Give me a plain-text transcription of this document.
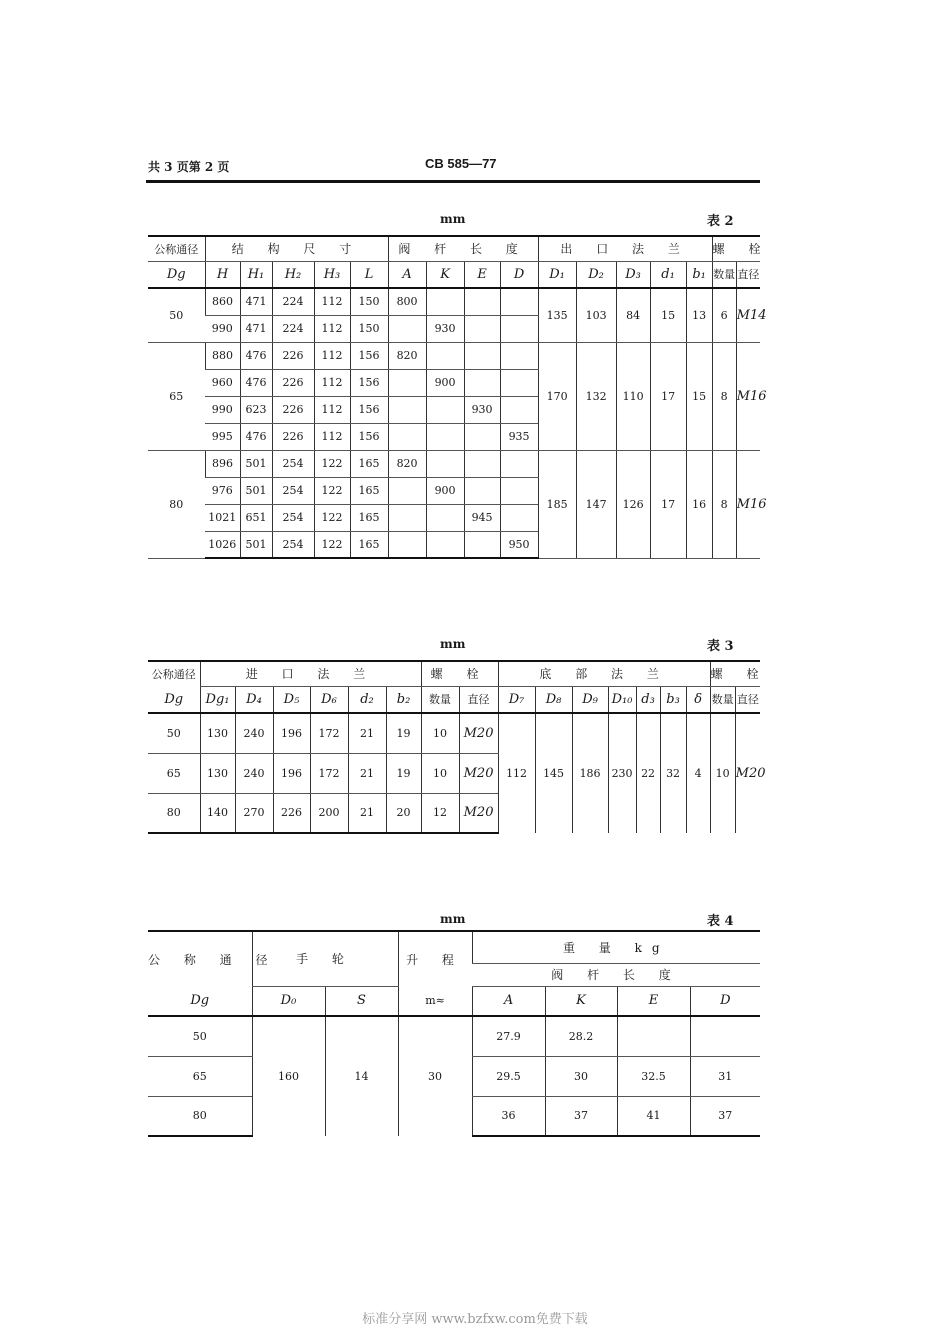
共 3 页第 2 页	CB 585—77
mm	表 2
公称通径	结 构 尺 寸					阀 杆 长 度				出 口 法 兰					螺 栓	
Dg	H	H₁	H₂	H₃	L	A	K	E	D	D₁	D₂	D₃	d₁	b₁	数量	直径
50	860	471	224	112	150	800				135	103	84	15	13	6	M14
	990	471	224	112	150		930									
65	880	476	226	112	156	820				170	132	110	17	15	8	M16
	960	476	226	112	156		900									
	990	623	226	112	156			930								
	995	476	226	112	156				935							
80	896	501	254	122	165	820				185	147	126	17	16	8	M16
	976	501	254	122	165		900									
	1021	651	254	122	165			945								
	1026	501	254	122	165				950							
mm	表 3
公称通径	进 口 法 兰						螺 栓		底 部 法 兰							螺 栓	
Dg	Dg₁	D₄	D₅	D₆	d₂	b₂	数量	直径	D₇	D₈	D₉	D₁₀	d₃	b₃	δ	数量	直径
50	130	240	196	172	21	19	10	M20	112	145	186	230	22	32	4	10	M20
65	130	240	196	172	21	19	10	M20									
80	140	270	226	200	21	20	12	M20									
mm	表 4
公 称 通 径	手 轮		升 程	重 量 kg			
				阀 杆 长 度			
Dg	D₀	S	m≈	A	K	E	D
50	160	14	30	27.9	28.2		
65				29.5	30	32.5	31
80				36	37	41	37
标准分享网 www.bzfxw.com免费下载
